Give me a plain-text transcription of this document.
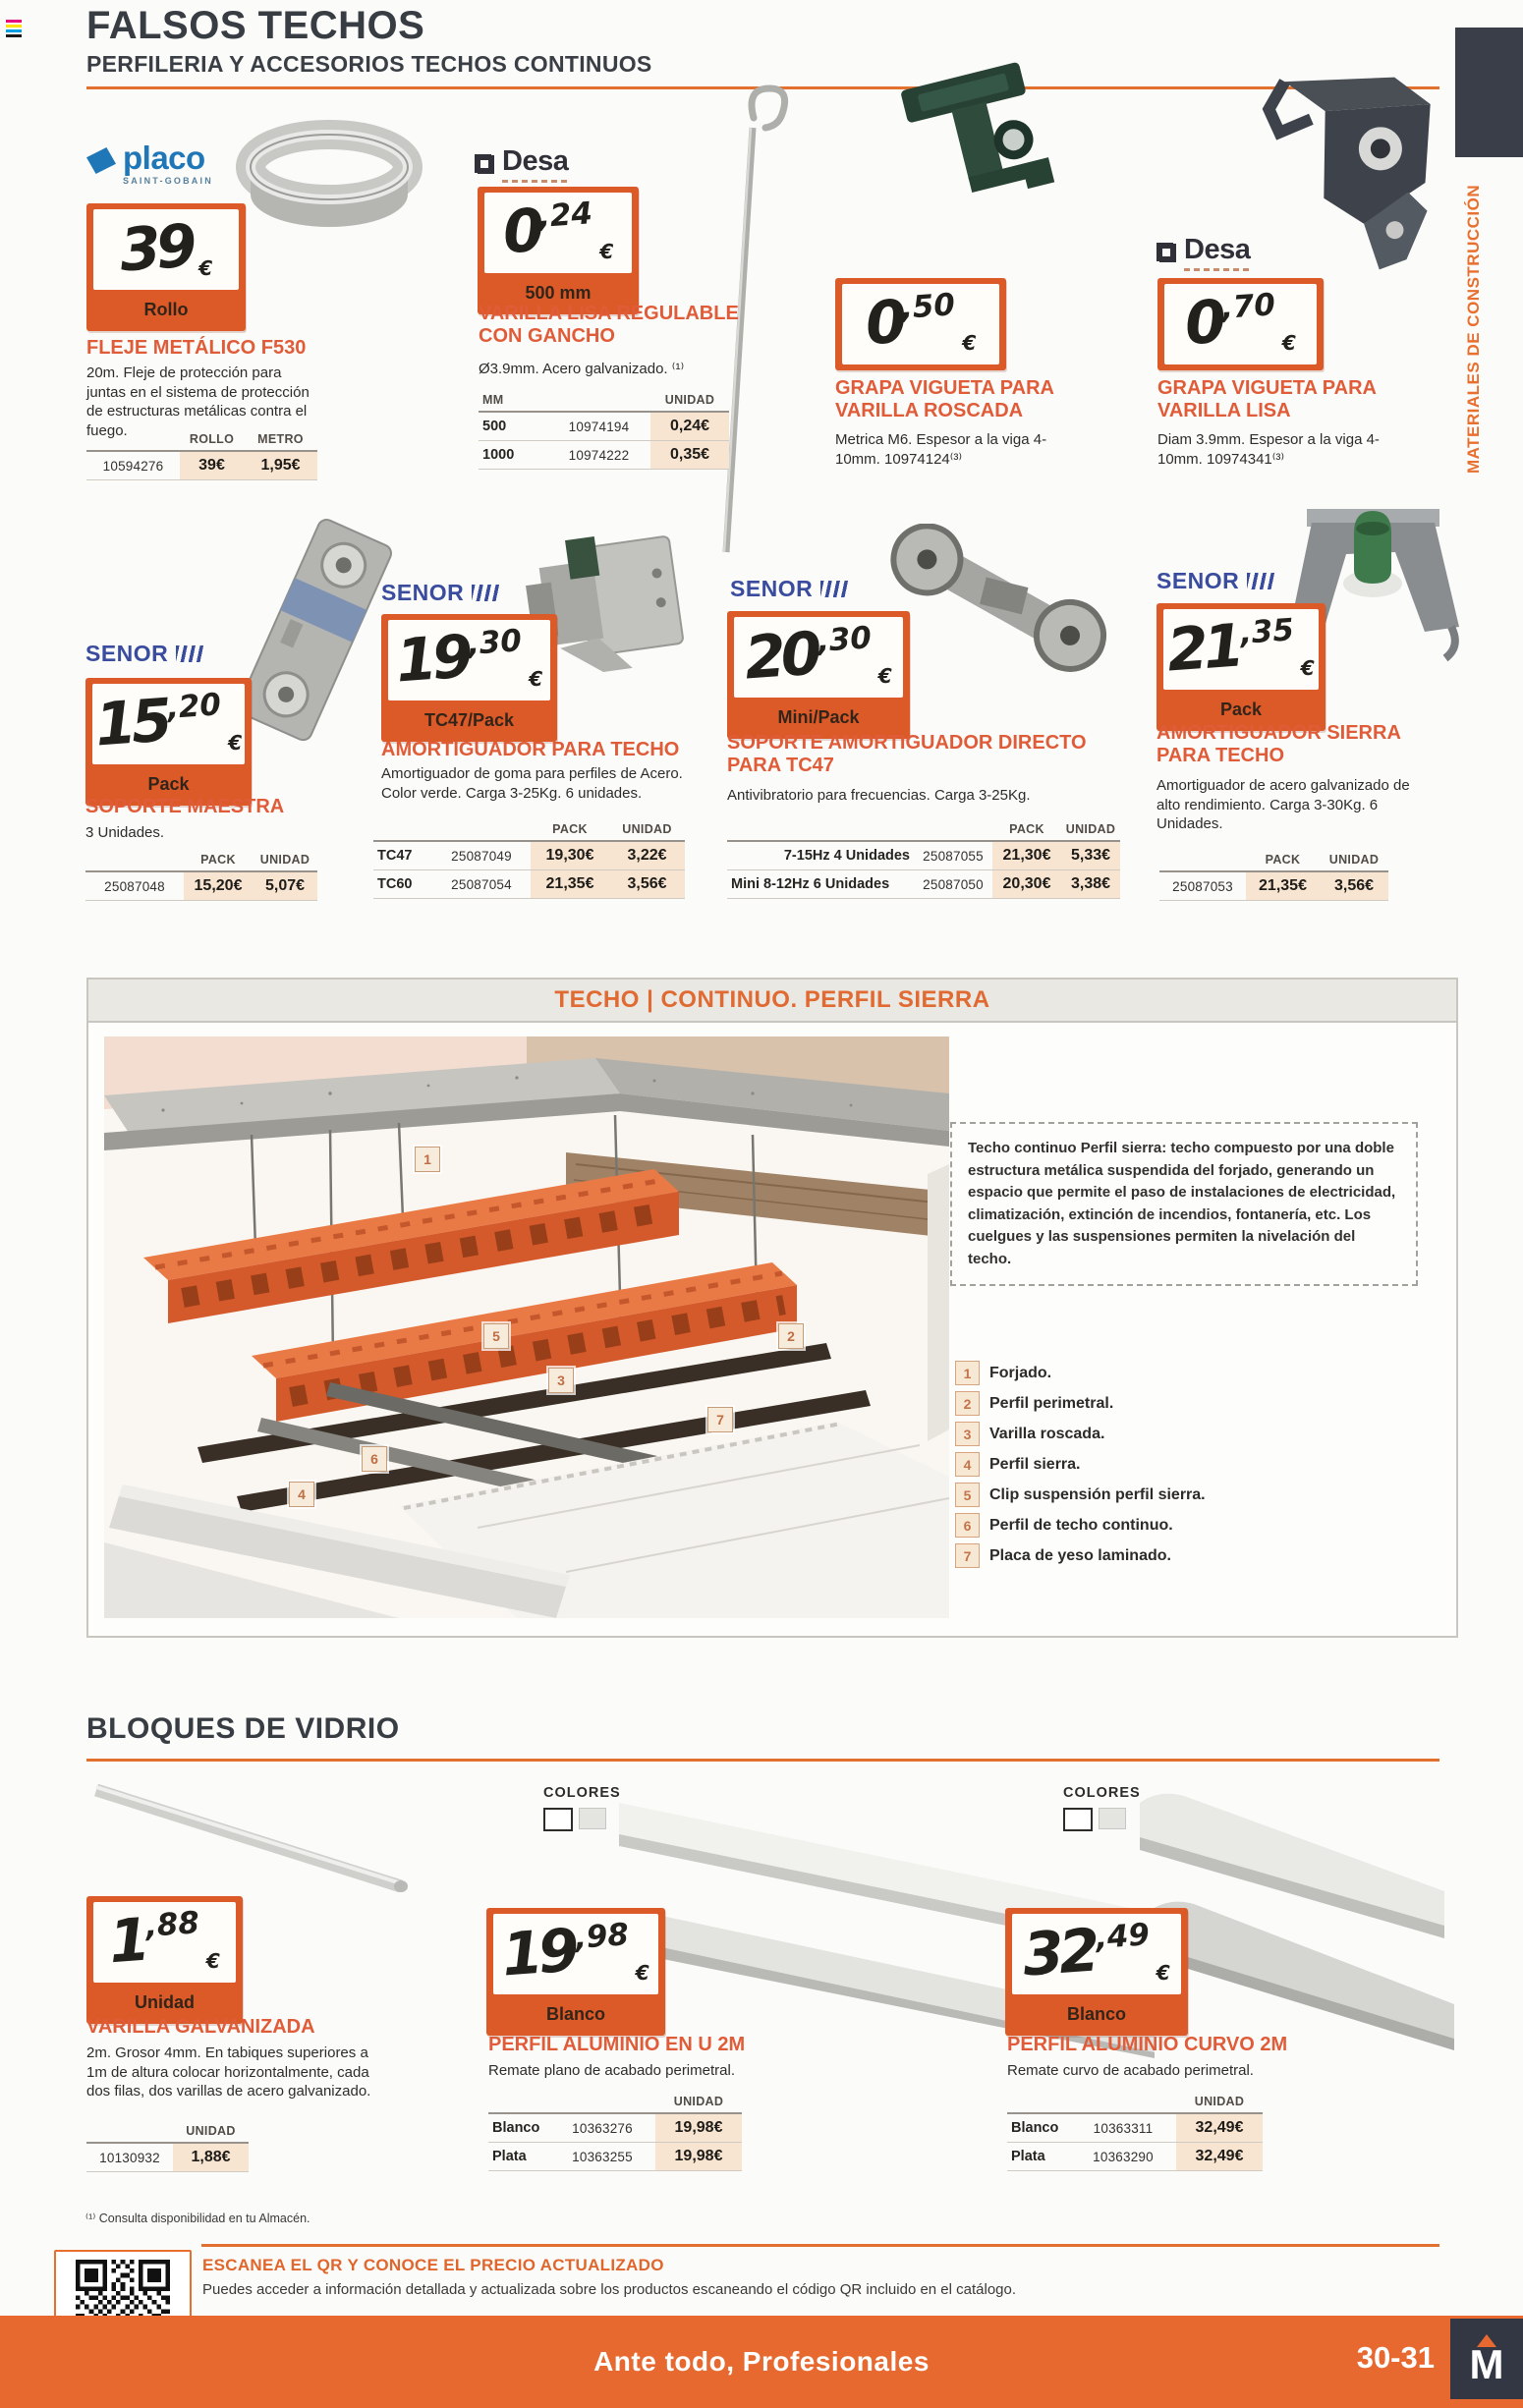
FALSOS TECHOS
PERFILERIA Y ACCESORIOS TECHOS CONTINUOS
MATERIALES DE CONSTRUCCIÓN
placo
SAINT-GOBAIN
39 €
Rollo
FLEJE METÁLICO F530
20m. Fleje de protección para juntas en el sistema de protección de estructuras metálicas contra el fuego.
	ROLLO	METRO
10594276	39€	1,95€
Desa
0
,24
€
500 mm
VARILLA LISA REGULABLE CON GANCHO
Ø3.9mm. Acero galvanizado. ⁽¹⁾
MM		UNIDAD
500	10974194	0,24€
1000	10974222	0,35€
0
,50
€
GRAPA VIGUETA PARA VARILLA ROSCADA
Metrica M6. Espesor a la viga 4-10mm. 10974124⁽³⁾
Desa
0
,70
€
GRAPA VIGUETA PARA VARILLA LISA
Diam 3.9mm. Espesor a la viga 4-10mm. 10974341⁽³⁾
SENOR
15
,20
€
Pack
SOPORTE MAESTRA
3 Unidades.
	PACK	UNIDAD
25087048	15,20€	5,07€
SENOR
19
,30
€
TC47/Pack
AMORTIGUADOR PARA TECHO
Amortiguador de goma para perfiles de Acero. Color verde. Carga 3-25Kg. 6 unidades.
		PACK	UNIDAD
TC47	25087049	19,30€	3,22€
TC60	25087054	21,35€	3,56€
SENOR
20
,30
€
Mini/Pack
SOPORTE AMORTIGUADOR DIRECTO PARA TC47
Antivibratorio para frecuencias. Carga 3-25Kg.
		PACK	UNIDAD
7-15Hz 4 Unidades	25087055	21,30€	5,33€
Mini 8-12Hz 6 Unidades	25087050	20,30€	3,38€
SENOR
21
,35
€
Pack
AMORTIGUADOR SIERRA PARA TECHO
Amortiguador de acero galvanizado de alto rendimiento. Carga 3-30Kg. 6 Unidades.
	PACK	UNIDAD
25087053	21,35€	3,56€
TECHO | CONTINUO. PERFIL SIERRA
1
5
3
2
7
6
4
Techo continuo Perfil sierra: techo compuesto por una doble estructura metálica suspendida del forjado, generando un espacio que permite el paso de instalaciones de electricidad, climatización, extinción de incendios, fontanería, etc. Los cuelgues y las suspensiones permiten la nivelación del techo.
1	Forjado.
2	Perfil perimetral.
3	Varilla roscada.
4	Perfil sierra.
5	Clip suspensión perfil sierra.
6	Perfil de techo continuo.
7	Placa de yeso laminado.
BLOQUES DE VIDRIO
1
,88
€
Unidad
VARILLA GALVANIZADA
2m. Grosor 4mm. En tabiques superiores a 1m de altura colocar horizontalmente, cada dos filas, dos varillas de acero galvanizado.
	UNIDAD
10130932	1,88€
COLORES
19
,98
€
Blanco
PERFIL ALUMINIO EN U 2M
Remate plano de acabado perimetral.
		UNIDAD
Blanco	10363276	19,98€
Plata	10363255	19,98€
COLORES
32
,49
€
Blanco
PERFIL ALUMINIO CURVO 2M
Remate curvo de acabado perimetral.
		UNIDAD
Blanco	10363311	32,49€
Plata	10363290	32,49€
⁽¹⁾ Consulta disponibilidad en tu Almacén.
ESCANEA EL QR Y CONOCE EL PRECIO ACTUALIZADO
Puedes acceder a información detallada y actualizada sobre los productos escaneando el código QR incluido en el catálogo.
Ante todo, Profesionales	30-31 M
